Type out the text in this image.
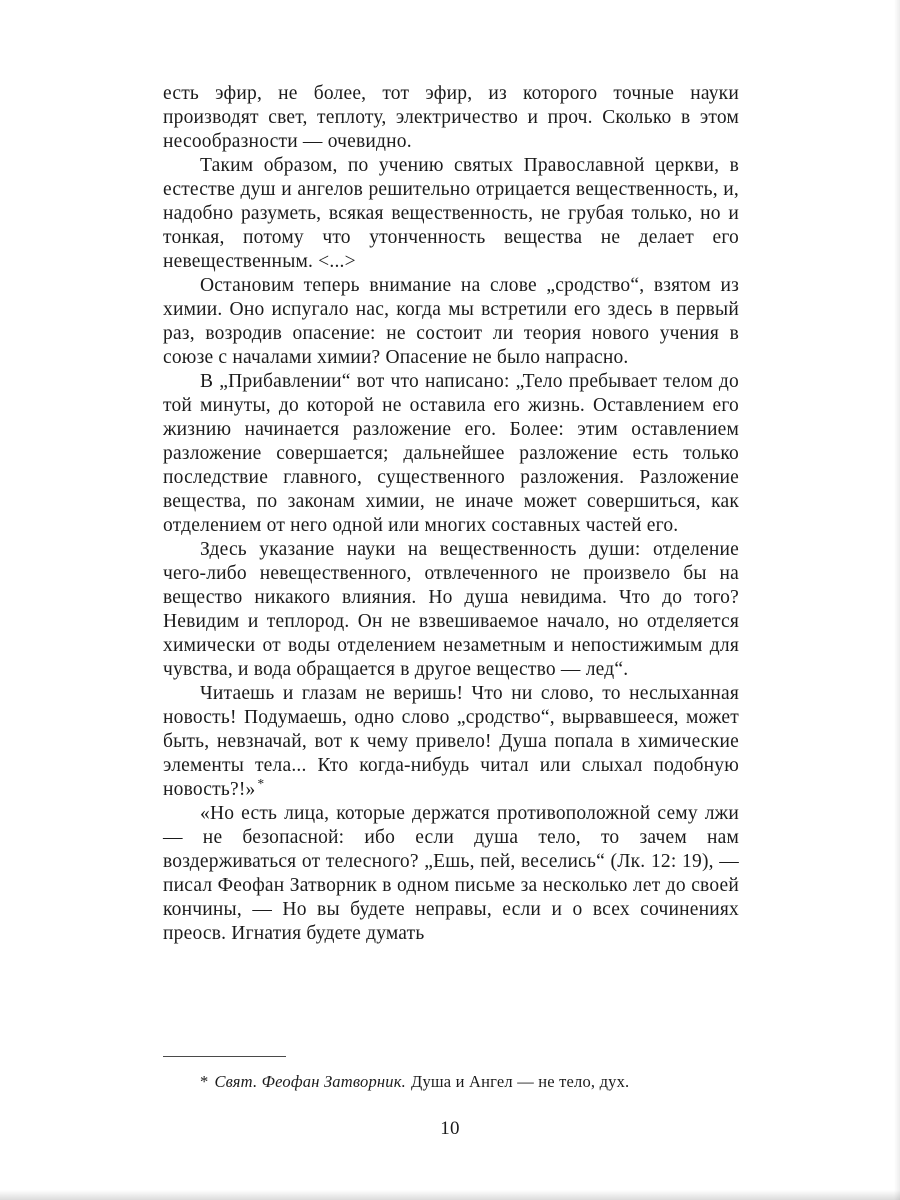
есть эфир, не более, тот эфир, из которого точные науки производят свет, теплоту, электричество и проч. Сколько в этом несообразности — очевидно.

Таким образом, по учению святых Православной церкви, в естестве душ и ангелов решительно отрицается вещественность, и, надобно разуметь, всякая вещественность, не грубая только, но и тонкая, потому что утонченность вещества не делает его невещественным. <...>

Остановим теперь внимание на слове „сродство“, взятом из химии. Оно испугало нас, когда мы встретили его здесь в первый раз, возродив опасение: не состоит ли теория нового учения в союзе с началами химии? Опасение не было напрасно.

В „Прибавлении“ вот что написано: „Тело пребывает телом до той минуты, до которой не оставила его жизнь. Оставлением его жизнию начинается разложение его. Более: этим оставлением разложение совершается; дальнейшее разложение есть только последствие главного, существенного разложения. Разложение вещества, по законам химии, не иначе может совершиться, как отделением от него одной или многих составных частей его.

Здесь указание науки на вещественность души: отделение чего-либо невещественного, отвлеченного не произвело бы на вещество никакого влияния. Но душа невидима. Что до того? Невидим и теплород. Он не взвешиваемое начало, но отделяется химически от воды отделением незаметным и непостижимым для чувства, и вода обращается в другое вещество — лед“.

Читаешь и глазам не веришь! Что ни слово, то неслыханная новость! Подумаешь, одно слово „сродство“, вырвавшееся, может быть, невзначай, вот к чему привело! Душа попала в химические элементы тела... Кто когда-нибудь читал или слыхал подобную новость?!» *

«Но есть лица, которые держатся противоположной сему лжи — не безопасной: ибо если душа тело, то зачем нам воздерживаться от телесного? „Ешь, пей, веселись“ (Лк. 12: 19), — писал Феофан Затворник в одном письме за несколько лет до своей кончины, — Но вы будете неправы, если и о всех сочинениях преосв. Игнатия будете думать

* Свят. Феофан Затворник. Душа и Ангел — не тело, дух.

10
